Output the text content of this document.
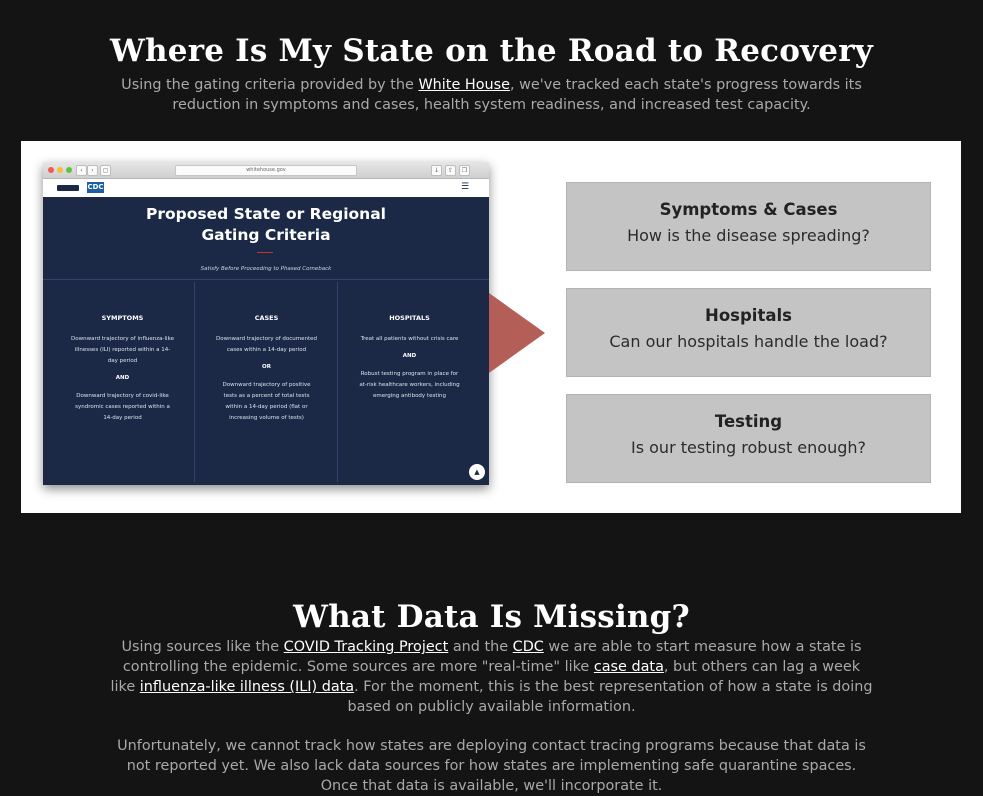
Where Is My State on the Road to Recovery

Using the gating criteria provided by the White House, we've tracked each state's progress towards its reduction in symptoms and cases, health system readiness, and increased test capacity.

‹	›	▢	whitehouse.gov	↓	⇧	❐
CDC	☰
Proposed State or Regional
Gating Criteria
Satisfy Before Proceeding to Phased Comeback
SYMPTOMS
Downward trajectory of influenza-like illnesses (ILI) reported within a 14-day period
AND
Downward trajectory of covid-like syndromic cases reported within a 14-day period
CASES
Downward trajectory of documented cases within a 14-day period
OR
Downward trajectory of positive tests as a percent of total tests within a 14-day period (flat or increasing volume of tests)
HOSPITALS
Treat all patients without crisis care
AND
Robust testing program in place for at-risk healthcare workers, including emerging antibody testing
▲
Symptoms & Cases
How is the disease spreading?
Hospitals
Can our hospitals handle the load?
Testing
Is our testing robust enough?
What Data Is Missing?

Using sources like the COVID Tracking Project and the CDC we are able to start measure how a state is controlling the epidemic. Some sources are more "real-time" like case data, but others can lag a week like influenza-like illness (ILI) data. For the moment, this is the best representation of how a state is doing based on publicly available information.

Unfortunately, we cannot track how states are deploying contact tracing programs because that data is not reported yet. We also lack data sources for how states are implementing safe quarantine spaces. Once that data is available, we'll incorporate it.
